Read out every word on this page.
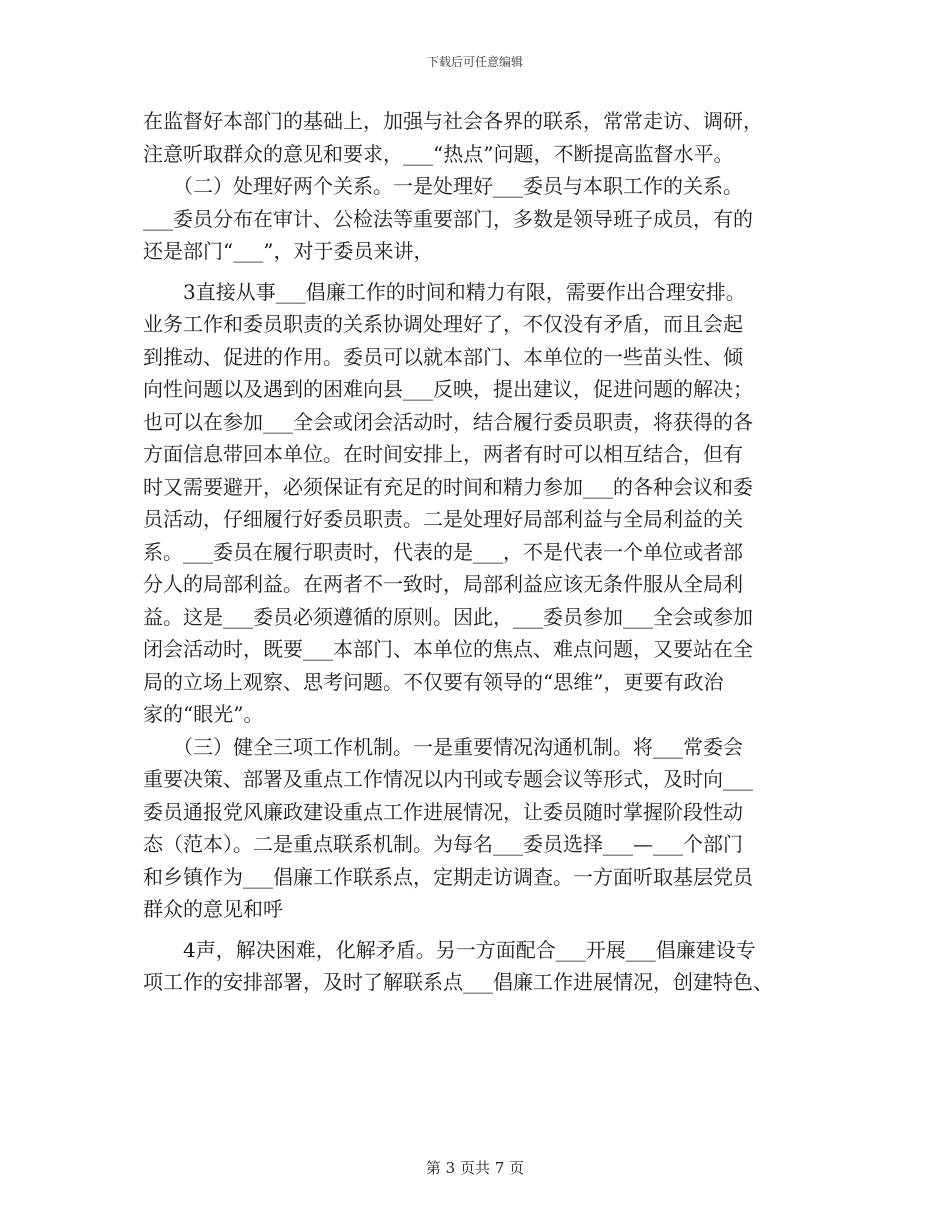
下载后可任意编辑
在监督好本部门的基础上，加强与社会各界的联系，常常走访、调研，
注意听取群众的意见和要求，___“热点”问题，不断提高监督水平。
　　（二）处理好两个关系。一是处理好___委员与本职工作的关系。
___委员分布在审计、公检法等重要部门，多数是领导班子成员，有的
还是部门“___”，对于委员来讲，
　　3直接从事___倡廉工作的时间和精力有限，需要作出合理安排。
业务工作和委员职责的关系协调处理好了，不仅没有矛盾，而且会起
到推动、促进的作用。委员可以就本部门、本单位的一些苗头性、倾
向性问题以及遇到的困难向县___反映，提出建议，促进问题的解决；
也可以在参加___全会或闭会活动时，结合履行委员职责，将获得的各
方面信息带回本单位。在时间安排上，两者有时可以相互结合，但有
时又需要避开，必须保证有充足的时间和精力参加___的各种会议和委
员活动，仔细履行好委员职责。二是处理好局部利益与全局利益的关
系。___委员在履行职责时，代表的是___，不是代表一个单位或者部
分人的局部利益。在两者不一致时，局部利益应该无条件服从全局利
益。这是___委员必须遵循的原则。因此，___委员参加___全会或参加
闭会活动时，既要___本部门、本单位的焦点、难点问题，又要站在全
局的立场上观察、思考问题。不仅要有领导的“思维”，更要有政治
家的“眼光”。
　　（三）健全三项工作机制。一是重要情况沟通机制。将___常委会
重要决策、部署及重点工作情况以内刊或专题会议等形式，及时向___
委员通报党风廉政建设重点工作进展情况，让委员随时掌握阶段性动
态（范本）。二是重点联系机制。为每名___委员选择___—___个部门
和乡镇作为___倡廉工作联系点，定期走访调查。一方面听取基层党员
群众的意见和呼
　　4声，解决困难，化解矛盾。另一方面配合___开展___倡廉建设专
项工作的安排部署，及时了解联系点___倡廉工作进展情况，创建特色、
第 3 页共 7 页
